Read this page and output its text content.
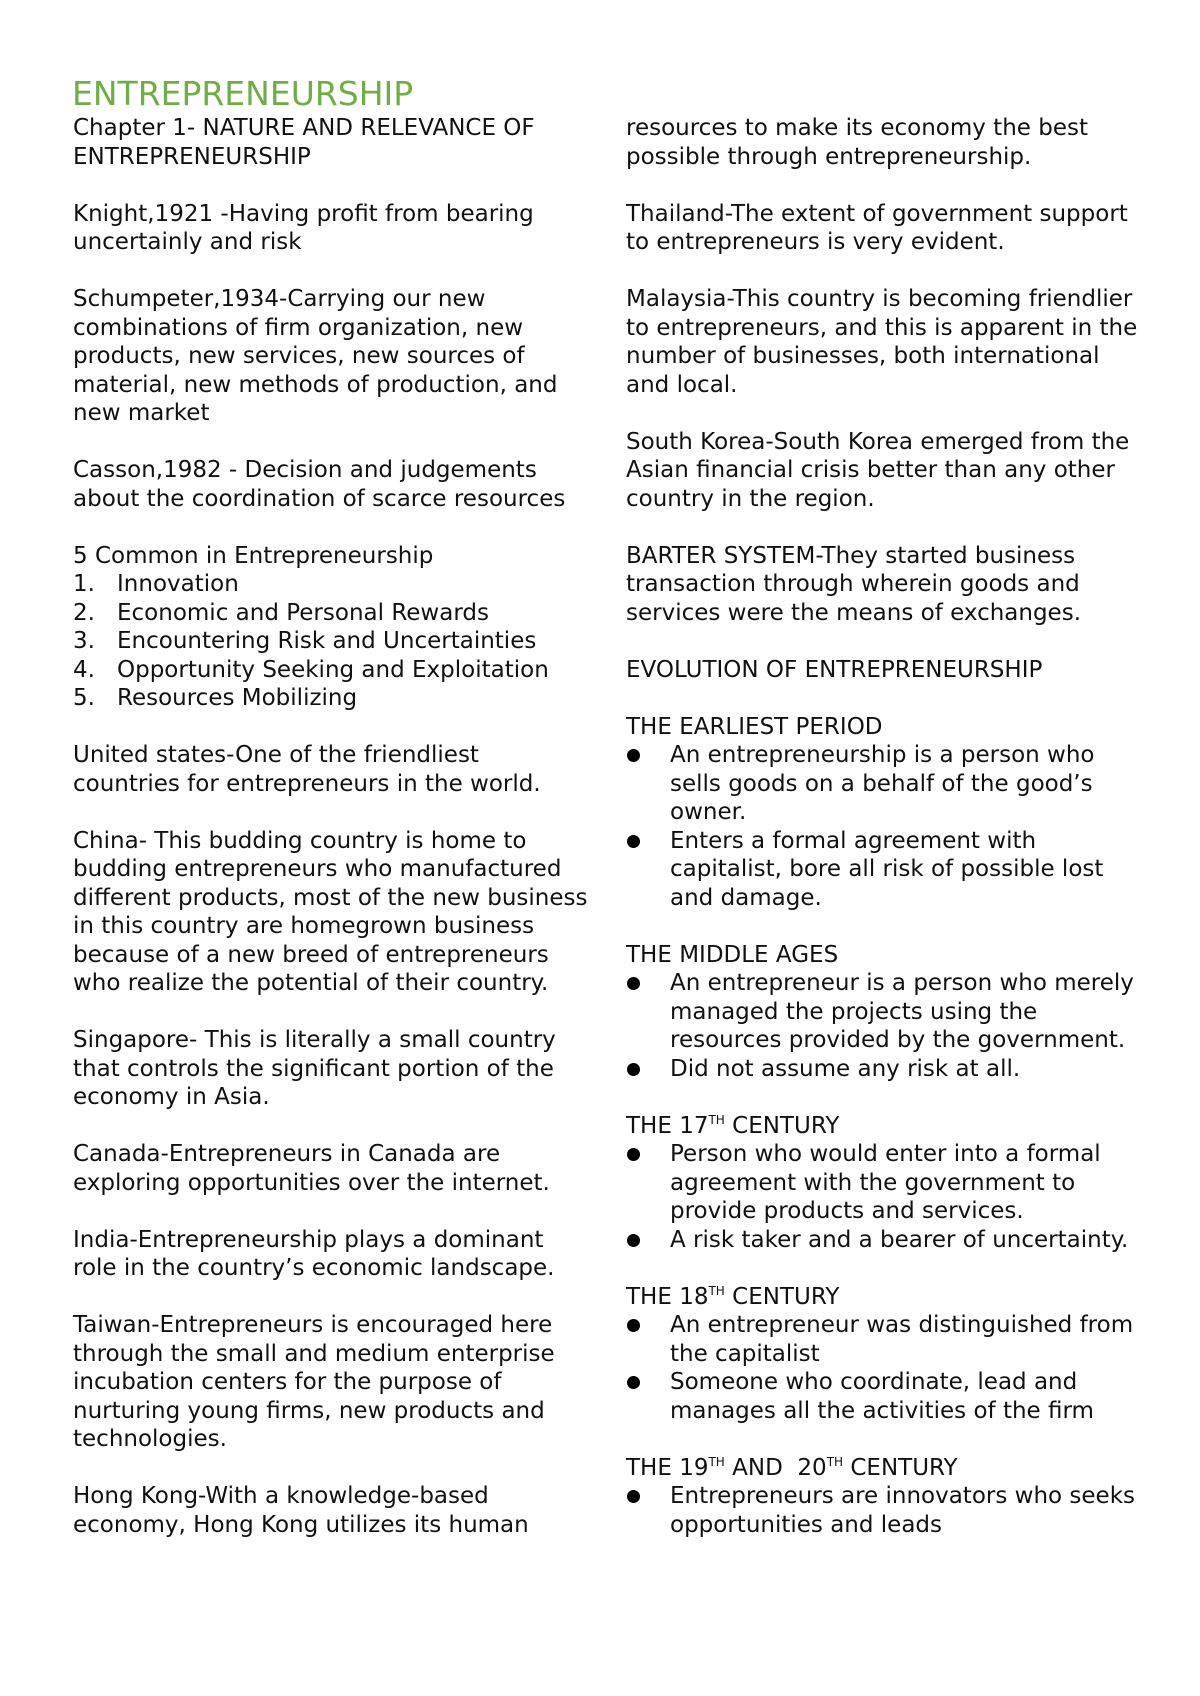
ENTREPRENEURSHIP

Chapter 1- NATURE AND RELEVANCE OF ENTREPRENEURSHIP

Knight,1921 -Having profit from bearing uncertainly and risk

Schumpeter,1934-Carrying our new combinations of firm organization, new products, new services, new sources of material, new methods of production, and new market

Casson,1982 - Decision and judgements about the coordination of scarce resources

5 Common in Entrepreneurship

1. Innovation
2. Economic and Personal Rewards
3. Encountering Risk and Uncertainties
4. Opportunity Seeking and Exploitation
5. Resources Mobilizing

United states-One of the friendliest countries for entrepreneurs in the world.

China- This budding country is home to budding entrepreneurs who manufactured different products, most of the new business in this country are homegrown business because of a new breed of entrepreneurs who realize the potential of their country.

Singapore- This is literally a small country that controls the significant portion of the economy in Asia.

Canada-Entrepreneurs in Canada are exploring opportunities over the internet.

India-Entrepreneurship plays a dominant role in the country’s economic landscape.

Taiwan-Entrepreneurs is encouraged here through the small and medium enterprise incubation centers for the purpose of nurturing young firms, new products and technologies.

Hong Kong-With a knowledge-based economy, Hong Kong utilizes its human

resources to make its economy the best possible through entrepreneurship.

Thailand-The extent of government support to entrepreneurs is very evident.

Malaysia-This country is becoming friendlier to entrepreneurs, and this is apparent in the number of businesses, both international and local.

South Korea-South Korea emerged from the Asian financial crisis better than any other country in the region.

BARTER SYSTEM-They started business transaction through wherein goods and services were the means of exchanges.

EVOLUTION OF ENTREPRENEURSHIP

THE EARLIEST PERIOD

An entrepreneurship is a person who sells goods on a behalf of the good’s owner.
Enters a formal agreement with capitalist, bore all risk of possible lost and damage.

THE MIDDLE AGES

An entrepreneur is a person who merely managed the projects using the resources provided by the government.
Did not assume any risk at all.

THE 17TH CENTURY

Person who would enter into a formal agreement with the government to provide products and services.
A risk taker and a bearer of uncertainty.

THE 18TH CENTURY

An entrepreneur was distinguished from the capitalist
Someone who coordinate, lead and manages all the activities of the firm

THE 19TH AND  20TH CENTURY

Entrepreneurs are innovators who seeks opportunities and leads
